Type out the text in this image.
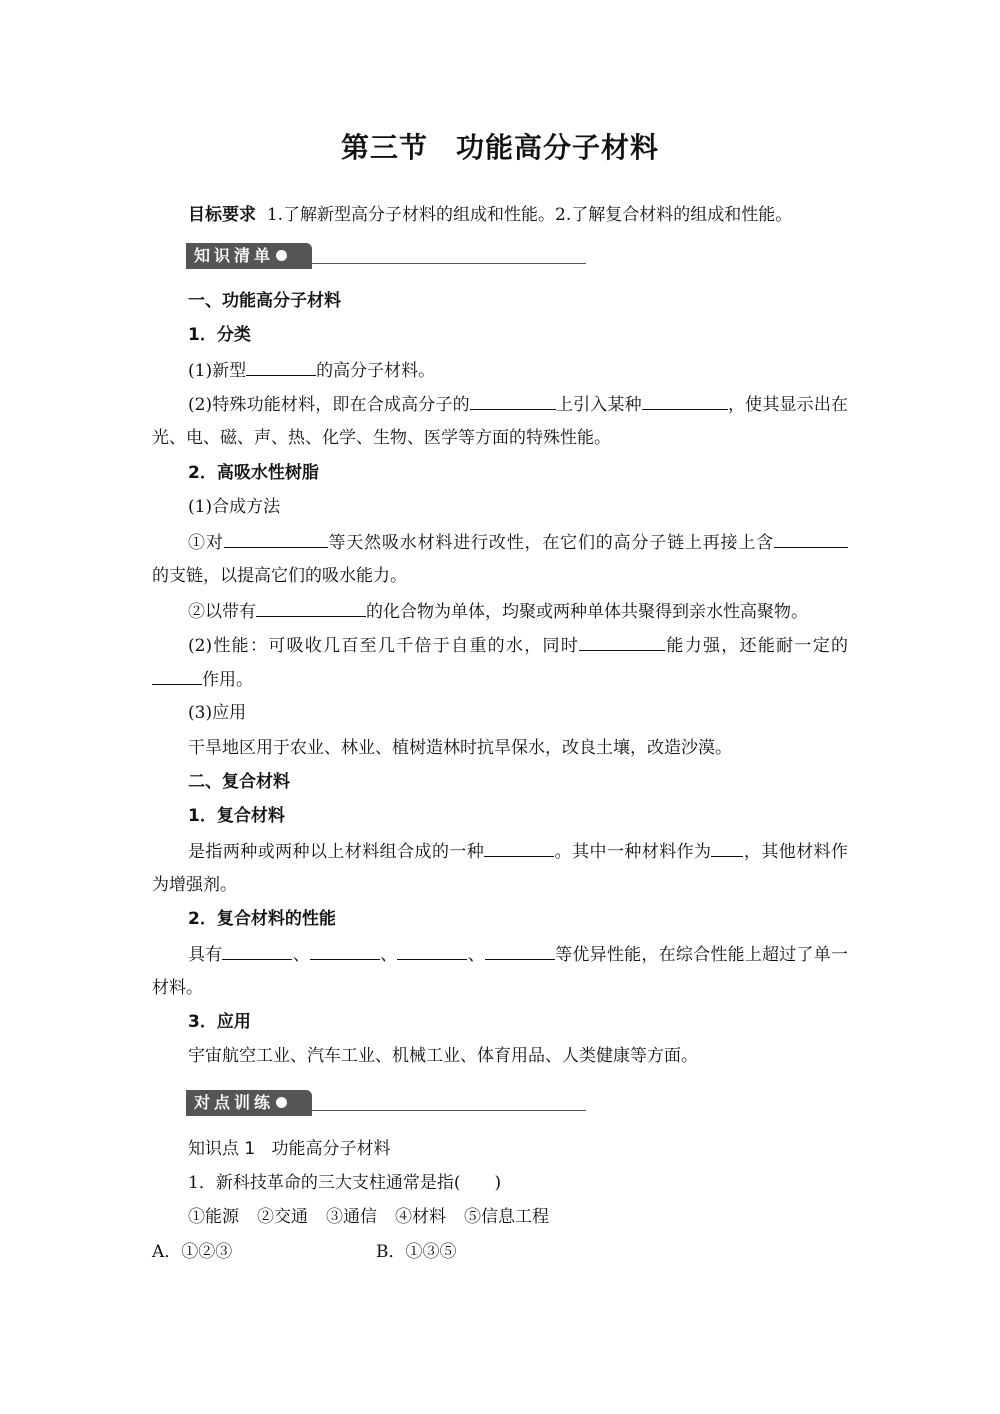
第三节 功能高分子材料
目标要求 1.了解新型高分子材料的组成和性能。2.了解复合材料的组成和性能。
知识清单
一、功能高分子材料
1．分类
(1)新型	的高分子材料。
(2)特殊功能材料，即在合成高分子的	上引入某种	，使其显示出在
光、电、磁、声、热、化学、生物、医学等方面的特殊性能。
2．高吸水性树脂
(1)合成方法
①对	等天然吸水材料进行改性，在它们的高分子链上再接上含
的支链，以提高它们的吸水能力。
②以带有	的化合物为单体，均聚或两种单体共聚得到亲水性高聚物。
(2)性能：可吸收几百至几千倍于自重的水，同时	能力强，还能耐一定的
作用。
(3)应用
干旱地区用于农业、林业、植树造林时抗旱保水，改良土壤，改造沙漠。
二、复合材料
1．复合材料
是指两种或两种以上材料组合成的一种	。其中一种材料作为 ，其他材料作
为增强剂。
2．复合材料的性能
具有	、	、	、	等优异性能，在综合性能上超过了单一
材料。
3．应用
宇宙航空工业、汽车工业、机械工业、体育用品、人类健康等方面。
对点训练
知识点 1 功能高分子材料
1．新科技革命的三大支柱通常是指(　　)
①能源 ②交通 ③通信 ④材料 ⑤信息工程
A．①②③	B．①③⑤
